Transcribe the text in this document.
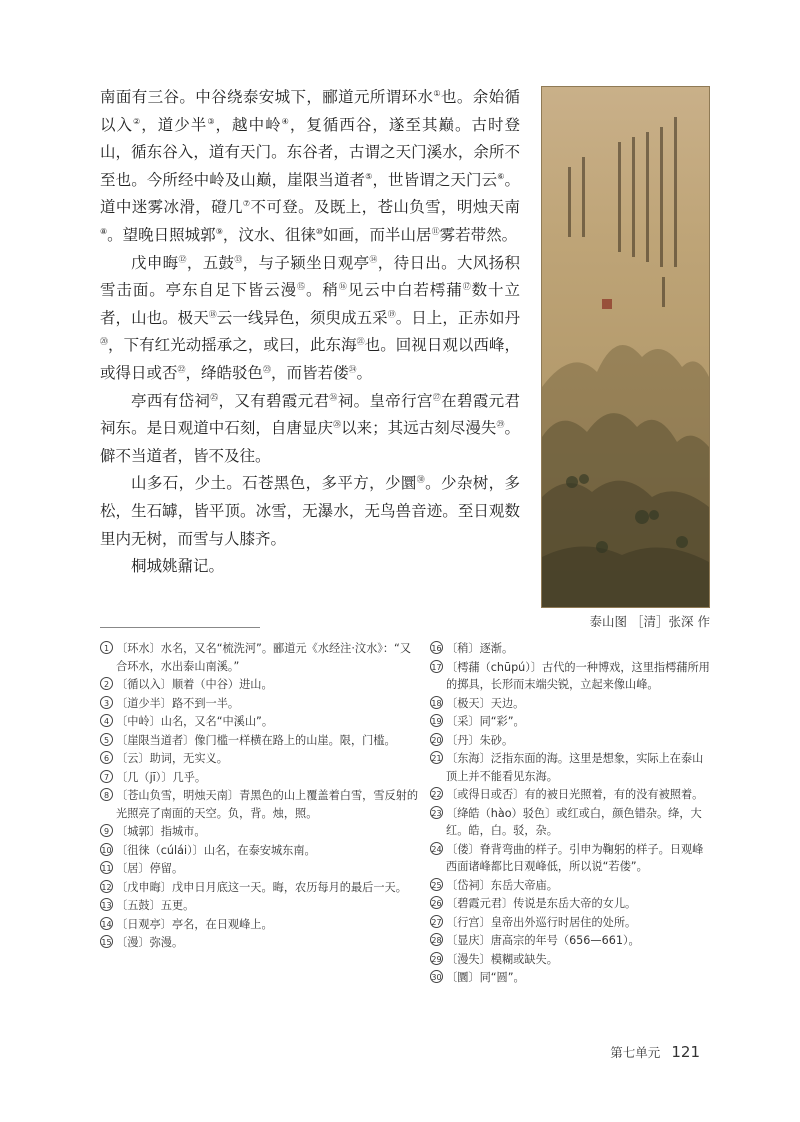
南面有三谷。中谷绕泰安城下，郦道元所谓环水①也。余始循以入②，道少半③，越中岭④，复循西谷，遂至其巅。古时登山，循东谷入，道有天门。东谷者，古谓之天门溪水，余所不至也。今所经中岭及山巅，崖限当道者⑤，世皆谓之天门云⑥。道中迷雾冰滑，磴几⑦不可登。及既上，苍山负雪，明烛天南⑧。望晚日照城郭⑨，汶水、徂徕⑩如画，而半山居⑪雾若带然。

戊申晦⑫，五鼓⑬，与子颍坐日观亭⑭，待日出。大风扬积雪击面。亭东自足下皆云漫⑮。稍⑯见云中白若樗蒱⑰数十立者，山也。极天⑱云一线异色，须臾成五采⑲。日上，正赤如丹⑳，下有红光动摇承之，或曰，此东海$^㉑$也。回视日观以西峰，或得日或否$^㉒$，绛皓驳色$^㉓$，而皆若偻$^㉔$。

亭西有岱祠$^㉕$，又有碧霞元君$^㉖$祠。皇帝行宫$^㉗$在碧霞元君祠东。是日观道中石刻，自唐显庆$^㉘$以来；其远古刻尽漫失$^㉙$。僻不当道者，皆不及往。

山多石，少土。石苍黑色，多平方，少圜$^㉚$。少杂树，多松，生石罅，皆平顶。冰雪，无瀑水，无鸟兽音迹。至日观数里内无树，而雪与人膝齐。

桐城姚鼐记。

泰山图 ［清］张深 作
1 〔环水〕水名，又名“梳洗河”。郦道元《水经注·汶水》：“又合环水，水出泰山南溪。”
2 〔循以入〕顺着（中谷）进山。
3 〔道少半〕路不到一半。
4 〔中岭〕山名，又名“中溪山”。
5 〔崖限当道者〕像门槛一样横在路上的山崖。限，门槛。
6 〔云〕助词，无实义。
7 〔几（jī）〕几乎。
8 〔苍山负雪，明烛天南〕青黑色的山上覆盖着白雪，雪反射的光照亮了南面的天空。负，背。烛，照。
9 〔城郭〕指城市。
10 〔徂徕（cúlái）〕山名，在泰安城东南。
11 〔居〕停留。
12 〔戊申晦〕戊申日月底这一天。晦，农历每月的最后一天。
13 〔五鼓〕五更。
14 〔日观亭〕亭名，在日观峰上。
15 〔漫〕弥漫。
16 〔稍〕逐渐。
17 〔樗蒱（chūpú）〕古代的一种博戏，这里指樗蒱所用的掷具，长形而末端尖锐，立起来像山峰。
18 〔极天〕天边。
19 〔采〕同“彩”。
20 〔丹〕朱砂。
21 〔东海〕泛指东面的海。这里是想象，实际上在泰山顶上并不能看见东海。
22 〔或得日或否〕有的被日光照着，有的没有被照着。
23 〔绛皓（hào）驳色〕或红或白，颜色错杂。绛，大红。皓，白。驳，杂。
24 〔偻〕脊背弯曲的样子。引申为鞠躬的样子。日观峰西面诸峰都比日观峰低，所以说“若偻”。
25 〔岱祠〕东岳大帝庙。
26 〔碧霞元君〕传说是东岳大帝的女儿。
27 〔行宫〕皇帝出外巡行时居住的处所。
28 〔显庆〕唐高宗的年号（656—661）。
29 〔漫失〕模糊或缺失。
30 〔圜〕同“圆”。
第七单元 121
